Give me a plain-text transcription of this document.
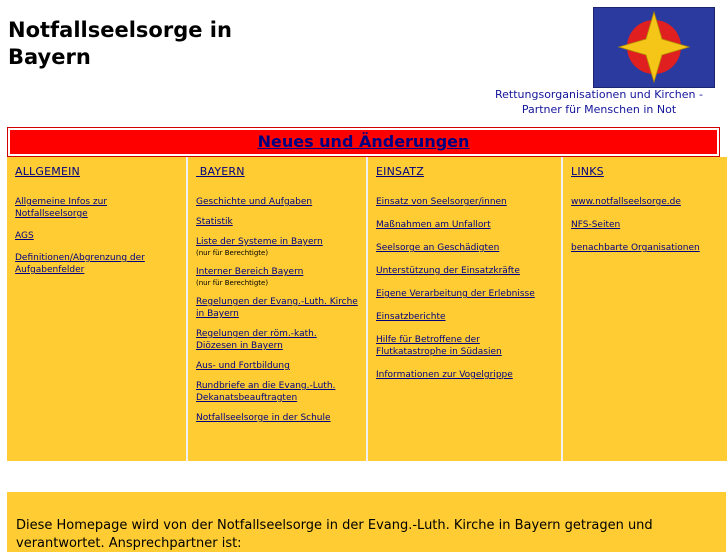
Notfallseelsorge in Bayern
Rettungsorganisationen und Kirchen - Partner für Menschen in Not
Neues und Änderungen
ALLGEMEIN
Allgemeine Infos zur Notfallseelsorge
AGS
Definitionen/Abgrenzung der Aufgabenfelder
BAYERN
Geschichte und Aufgaben
Statistik
Liste der Systeme in Bayern
(nur für Berechtigte)
Interner Bereich Bayern
(nur für Berechtigte)
Regelungen der Evang.-Luth. Kirche in Bayern
Regelungen der röm.-kath. Diözesen in Bayern
Aus- und Fortbildung
Rundbriefe an die Evang.-Luth. Dekanatsbeauftragten
Notfallseelsorge in der Schule
EINSATZ
Einsatz von Seelsorger/innen
Maßnahmen am Unfallort
Seelsorge an Geschädigten
Unterstützung der Einsatzkräfte
Eigene Verarbeitung der Erlebnisse
Einsatzberichte
Hilfe für Betroffene der Flutkatastrophe in Südasien
Informationen zur Vogelgrippe
LINKS
www.notfallseelsorge.de
NFS-Seiten
benachbarte Organisationen
Diese Homepage wird von der Notfallseelsorge in der Evang.-Luth. Kirche in Bayern getragen und verantwortet. Ansprechpartner ist:
